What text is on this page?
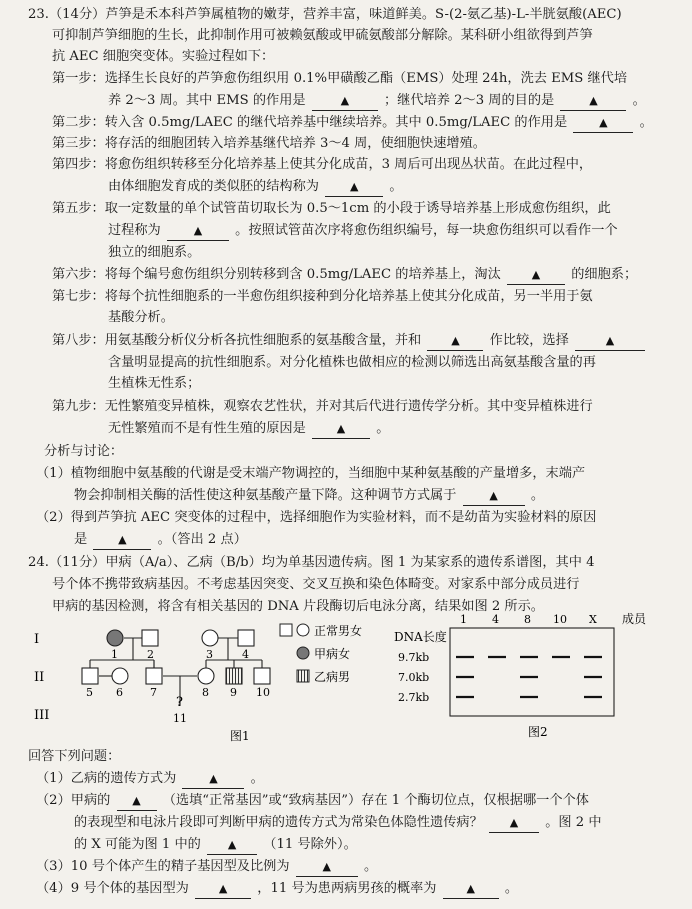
23.（14分）芦笋是禾本科芦笋属植物的嫩芽，营养丰富，味道鲜美。S-(2-氨乙基)-L-半胱氨酸(AEC)
可抑制芦笋细胞的生长，此抑制作用可被赖氨酸或甲硫氨酸部分解除。某科研小组欲得到芦笋
抗 AEC 细胞突变体。实验过程如下：
第一步：选择生长良好的芦笋愈伤组织用 0.1%甲磺酸乙酯（EMS）处理 24h，洗去 EMS 继代培
养 2～3 周。其中 EMS 的作用是	▲	；继代培养 2～3 周的目的是	▲	。
第二步：转入含 0.5mg/LAEC 的继代培养基中继续培养。其中 0.5mg/LAEC 的作用是	▲ 。
第三步：将存活的细胞团转入培养基继代培养 3～4 周，使细胞快速增殖。
第四步：将愈伤组织转移至分化培养基上使其分化成苗，3 周后可出现丛状苗。在此过程中，
由体细胞发育成的类似胚的结构称为	▲ 。
第五步：取一定数量的单个试管苗切取长为 0.5～1cm 的小段于诱导培养基上形成愈伤组织，此
过程称为	▲ 。按照试管苗次序将愈伤组织编号，每一块愈伤组织可以看作一个
独立的细胞系。
第六步：将每个编号愈伤组织分别转移到含 0.5mg/LAEC 的培养基上，淘汰	▲ 的细胞系；
第七步：将每个抗性细胞系的一半愈伤组织接种到分化培养基上使其分化成苗，另一半用于氨
基酸分析。
第八步：用氨基酸分析仪分析各抗性细胞系的氨基酸含量，并和	▲ 作比较，选择	▲
含量明显提高的抗性细胞系。对分化植株也做相应的检测以筛选出高氨基酸含量的再
生植株无性系；
第九步：无性繁殖变异植株，观察农艺性状，并对其后代进行遗传学分析。其中变异植株进行
无性繁殖而不是有性生殖的原因是	▲ 。
分析与讨论：
（1）植物细胞中氨基酸的代谢是受末端产物调控的，当细胞中某种氨基酸的产量增多，末端产
物会抑制相关酶的活性使这种氨基酸产量下降。这种调节方式属于	▲ 。
（2）得到芦笋抗 AEC 突变体的过程中，选择细胞作为实验材料，而不是幼苗为实验材料的原因
是	▲ 。（答出 2 点）
24.（11分）甲病（A/a）、乙病（B/b）均为单基因遗传病。图 1 为某家系的遗传系谱图，其中 4
号个体不携带致病基因。不考虑基因突变、交叉互换和染色体畸变。对家系中部分成员进行
甲病的基因检测，将含有相关基因的 DNA 片段酶切后电泳分离，结果如图 2 所示。
I
II
III
1	2	3	4
5 6 7	8 9 10
?
11
正常男女
甲病女
乙病男
图1
1 4 8 10 X 成员
DNA长度
9.7kb
7.0kb
2.7kb
图2
回答下列问题：
（1）乙病的遗传方式为	▲ 。
（2）甲病的 ▲ （选填“正常基因”或“致病基因”）存在 1 个酶切位点，仅根据哪一个个体
的表现型和电泳片段即可判断甲病的遗传方式为常染色体隐性遗传病？ ▲ 。图 2 中
的 X 可能为图 1 中的 ▲ （11 号除外）。
（3）10 号个体产生的精子基因型及比例为	▲ 。
（4）9 号个体的基因型为	▲ ，11 号为患两病男孩的概率为	▲ 。
